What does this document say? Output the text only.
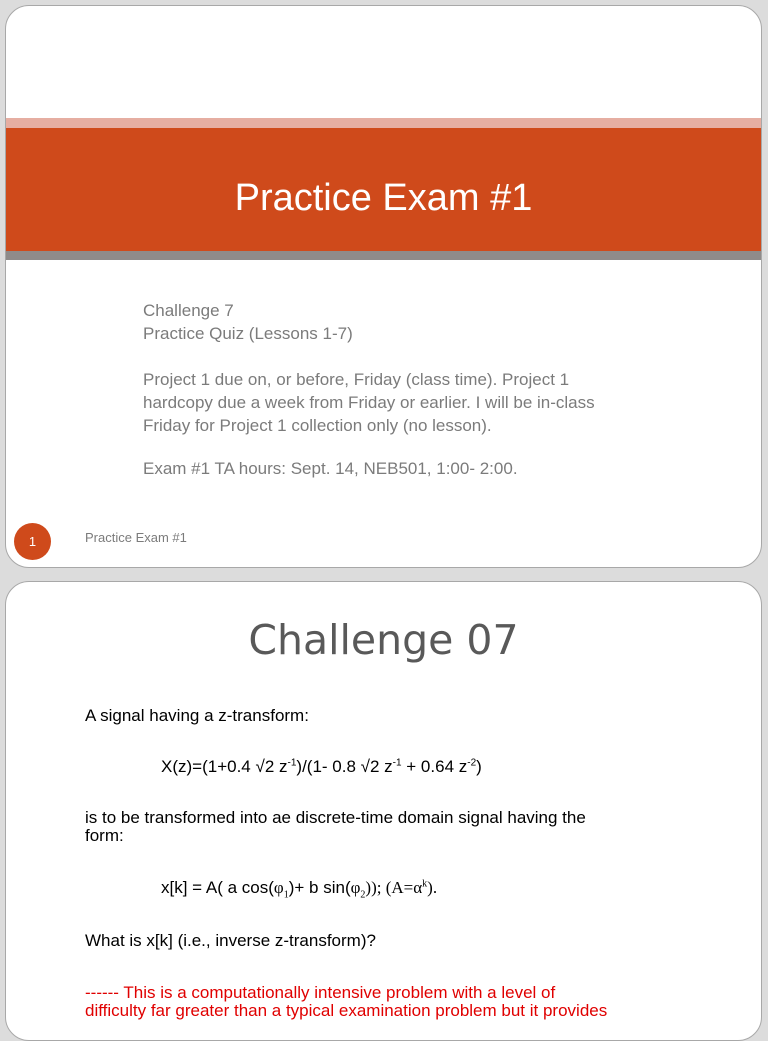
Practice Exam #1
Challenge 7
Practice Quiz (Lessons 1-7)
Project 1 due on, or before, Friday (class time). Project 1
hardcopy due a week from Friday or earlier. I will be in-class
Friday for Project 1 collection only (no lesson).
Exam #1 TA hours: Sept. 14, NEB501, 1:00- 2:00.
1	Practice Exam #1
Challenge 07
A signal having a z-transform:
X(z)=(1+0.4 √2 $z^{-1})/(1-$ 0.8 √2 $z^{-1} + 0.64$ $z^{-2}$)
is to be transformed into ae discrete-time domain signal having the
form:
x[k] = A( a $\cos(\varphi_1)+ b$ $\sin(\varphi_2)$); $(A=\alpha^k)$.
What is x[k] (i.e., inverse z-transform)?
------ This is a computationally intensive problem with a level of
difficulty far greater than a typical examination problem but it provides
